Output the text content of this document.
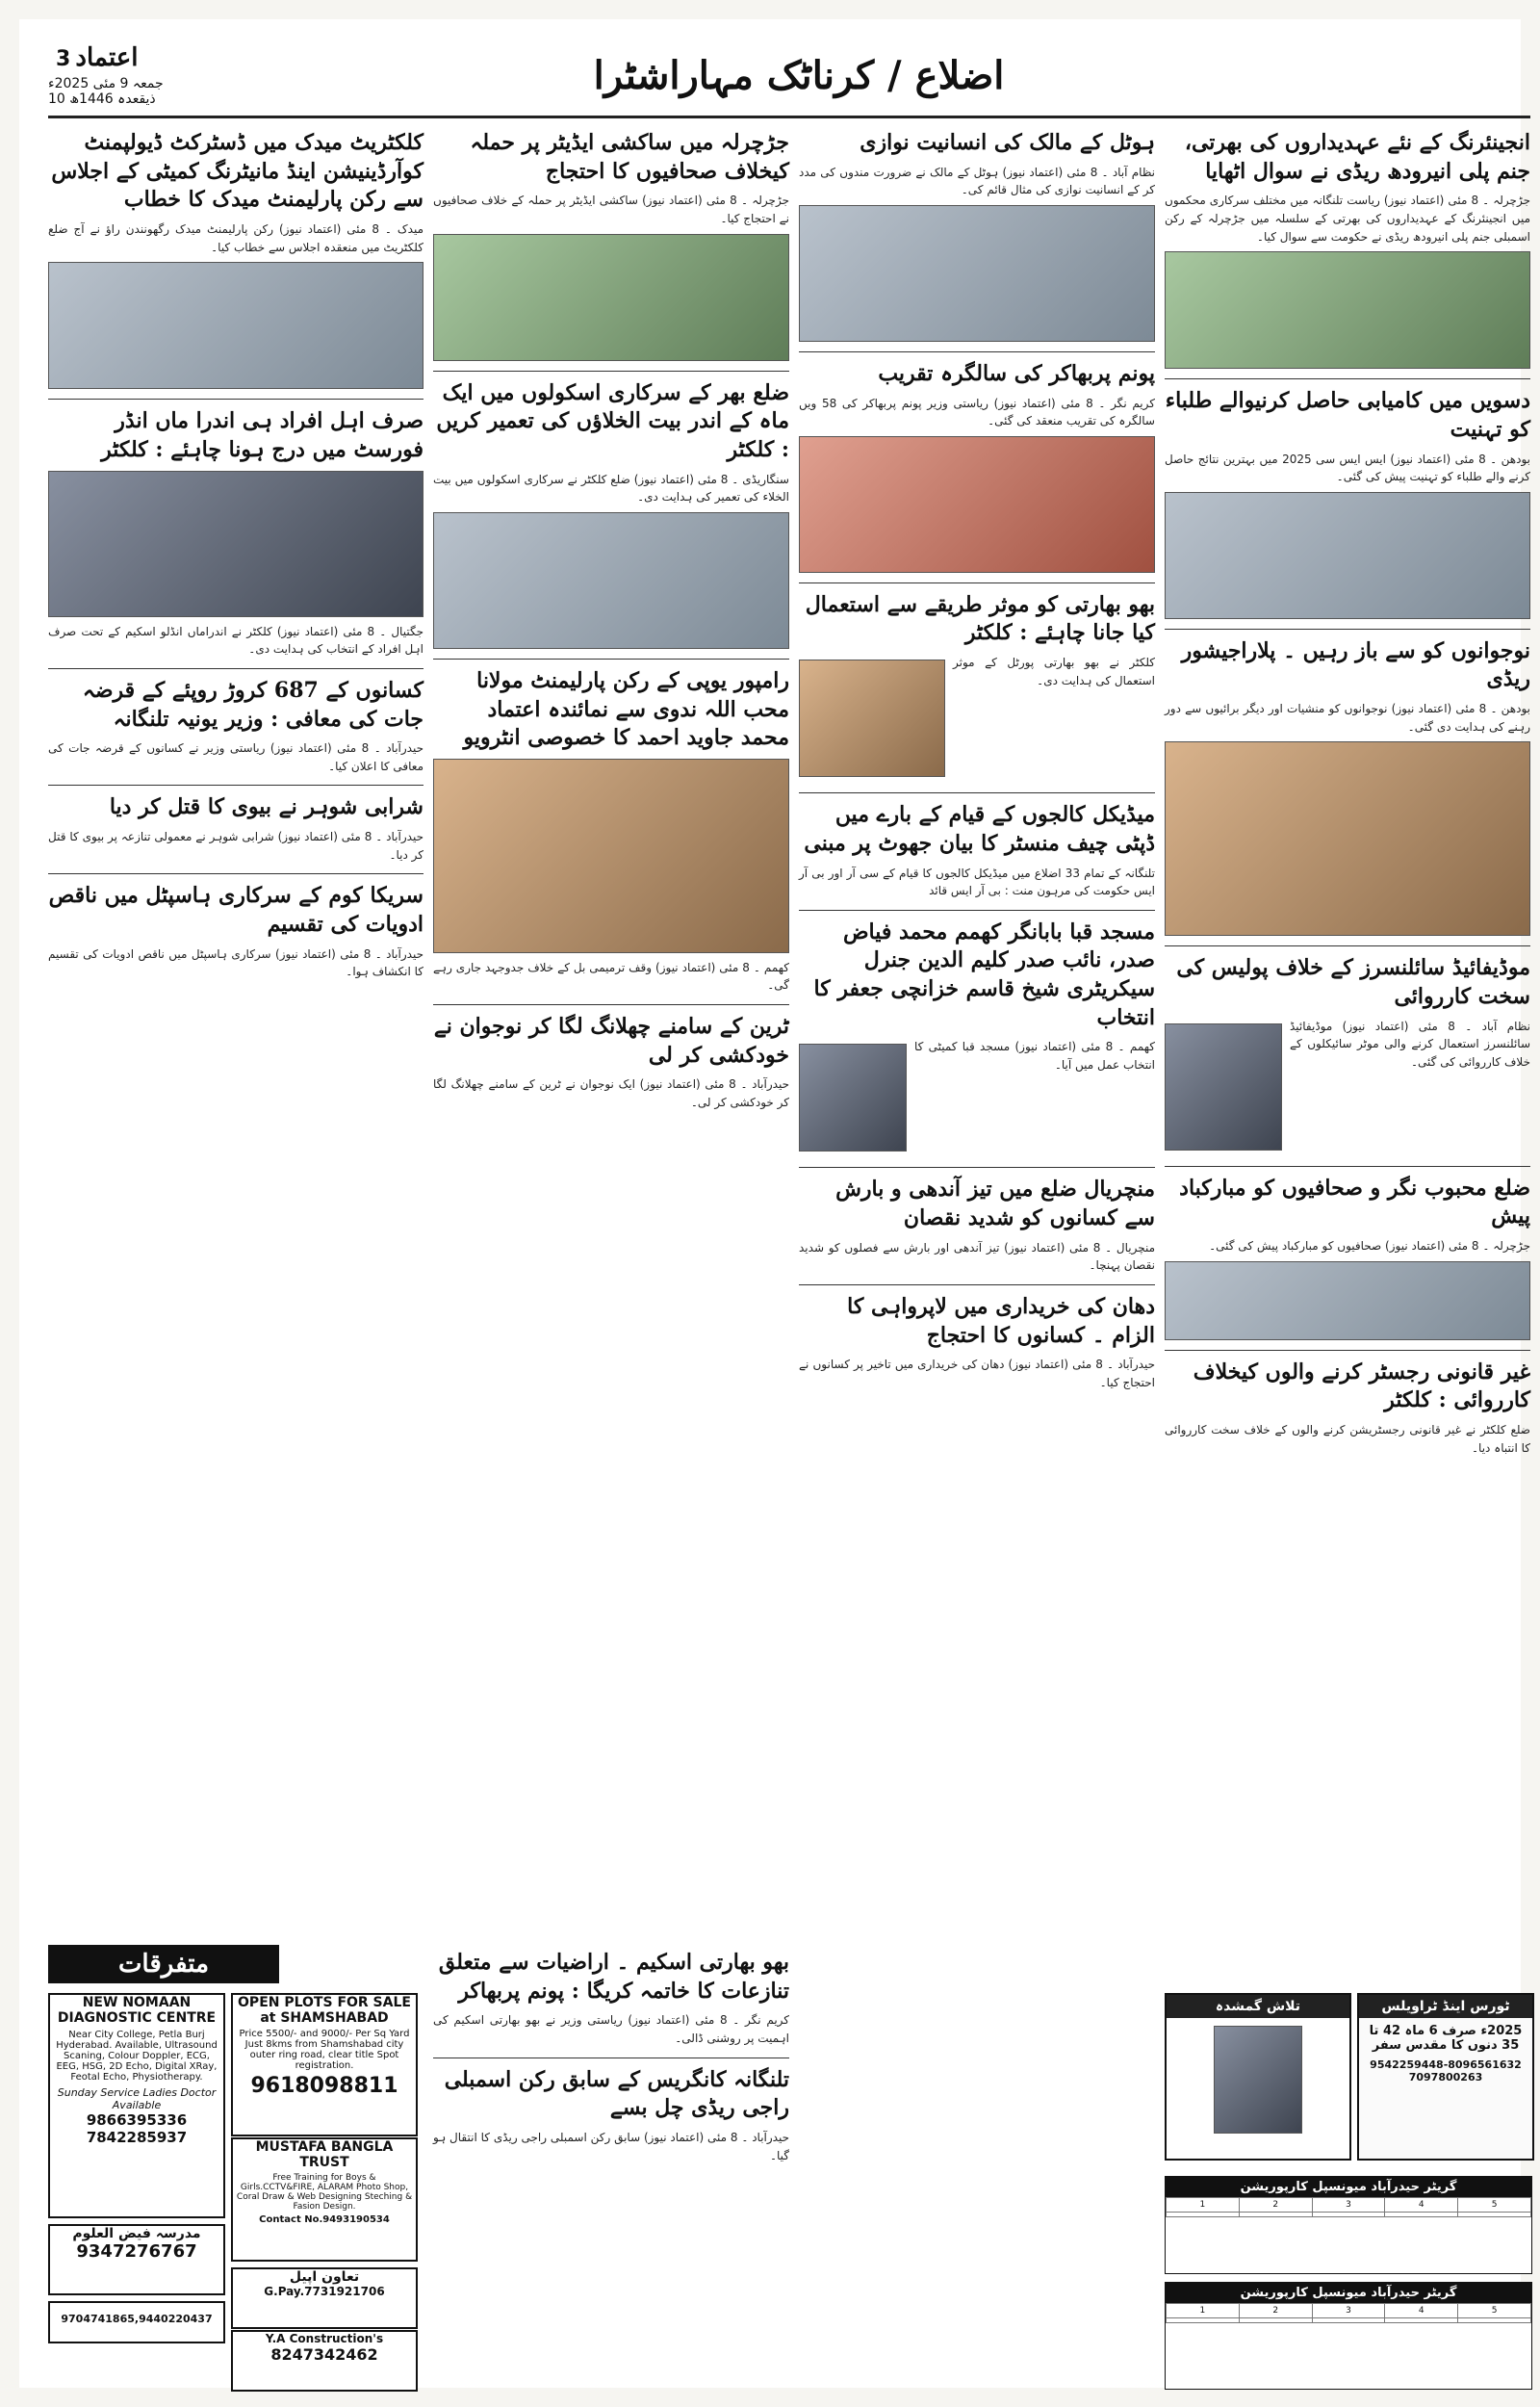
اعتماد 3
جمعہ 9 مئی 2025ء
10 ذیقعدہ 1446ھ
اضلاع / کرناٹک مہاراشٹرا
انجینئرنگ کے نئے عہدیداروں کی بھرتی، جنم پلی انیرودھ ریڈی نے سوال اٹھایا
جڑچرلہ ۔ 8 مئی (اعتماد نیوز) ریاست تلنگانہ میں مختلف سرکاری محکموں میں انجینئرنگ کے عہدیداروں کی بھرتی کے سلسلہ میں جڑچرلہ کے رکن اسمبلی جنم پلی انیرودھ ریڈی نے حکومت سے سوال کیا۔
دسویں میں کامیابی حاصل کرنیوالے طلباء کو تہنیت
بودھن ۔ 8 مئی (اعتماد نیوز) ایس ایس سی 2025 میں بہترین نتائج حاصل کرنے والے طلباء کو تہنیت پیش کی گئی۔
نوجوانوں کو سے باز رہیں ۔ پلاراجیشور ریڈی
بودھن ۔ 8 مئی (اعتماد نیوز) نوجوانوں کو منشیات اور دیگر برائیوں سے دور رہنے کی ہدایت دی گئی۔
موڈیفائیڈ سائلنسرز کے خلاف پولیس کی سخت کارروائی
نظام آباد ۔ 8 مئی (اعتماد نیوز) موڈیفائیڈ سائلنسرز استعمال کرنے والی موٹر سائیکلوں کے خلاف کارروائی کی گئی۔
ضلع محبوب نگر و صحافیوں کو مبارکباد پیش
جڑچرلہ ۔ 8 مئی (اعتماد نیوز) صحافیوں کو مبارکباد پیش کی گئی۔
غیر قانونی رجسٹر کرنے والوں کیخلاف کارروائی : کلکٹر
ضلع کلکٹر نے غیر قانونی رجسٹریشن کرنے والوں کے خلاف سخت کارروائی کا انتباہ دیا۔
ہوٹل کے مالک کی انسانیت نوازی
نظام آباد ۔ 8 مئی (اعتماد نیوز) ہوٹل کے مالک نے ضرورت مندوں کی مدد کر کے انسانیت نوازی کی مثال قائم کی۔
پونم پربھاکر کی سالگرہ تقریب
کریم نگر ۔ 8 مئی (اعتماد نیوز) ریاستی وزیر پونم پربھاکر کی 58 ویں سالگرہ کی تقریب منعقد کی گئی۔
بھو بھارتی کو موثر طریقے سے استعمال کیا جانا چاہئے : کلکٹر
کلکٹر نے بھو بھارتی پورٹل کے موثر استعمال کی ہدایت دی۔
میڈیکل کالجوں کے قیام کے بارے میں ڈپٹی چیف منسٹر کا بیان جھوٹ پر مبنی
تلنگانہ کے تمام 33 اضلاع میں میڈیکل کالجوں کا قیام کے سی آر اور بی آر ایس حکومت کی مرہون منت : بی آر ایس قائد
مسجد قبا بابانگر کھمم محمد فیاض صدر، نائب صدر کلیم الدین جنرل سیکریٹری شیخ قاسم خزانچی جعفر کا انتخاب
کھمم ۔ 8 مئی (اعتماد نیوز) مسجد قبا کمیٹی کا انتخاب عمل میں آیا۔
منچریال ضلع میں تیز آندھی و بارش سے کسانوں کو شدید نقصان
منچریال ۔ 8 مئی (اعتماد نیوز) تیز آندھی اور بارش سے فصلوں کو شدید نقصان پہنچا۔
دھان کی خریداری میں لاپرواہی کا الزام ۔ کسانوں کا احتجاج
حیدرآباد ۔ 8 مئی (اعتماد نیوز) دھان کی خریداری میں تاخیر پر کسانوں نے احتجاج کیا۔
جڑچرلہ میں ساکشی ایڈیٹر پر حملہ کیخلاف صحافیوں کا احتجاج
جڑچرلہ ۔ 8 مئی (اعتماد نیوز) ساکشی ایڈیٹر پر حملہ کے خلاف صحافیوں نے احتجاج کیا۔
ضلع بھر کے سرکاری اسکولوں میں ایک ماہ کے اندر بیت الخلاؤں کی تعمیر کریں : کلکٹر
سنگاریڈی ۔ 8 مئی (اعتماد نیوز) ضلع کلکٹر نے سرکاری اسکولوں میں بیت الخلاء کی تعمیر کی ہدایت دی۔
رامپور یوپی کے رکن پارلیمنٹ مولانا محب اللہ ندوی سے نمائندہ اعتماد محمد جاوید احمد کا خصوصی انٹرویو
کھمم ۔ 8 مئی (اعتماد نیوز) وقف ترمیمی بل کے خلاف جدوجہد جاری رہے گی۔
ٹرین کے سامنے چھلانگ لگا کر نوجوان نے خودکشی کر لی
حیدرآباد ۔ 8 مئی (اعتماد نیوز) ایک نوجوان نے ٹرین کے سامنے چھلانگ لگا کر خودکشی کر لی۔
بھو بھارتی اسکیم ۔ اراضیات سے متعلق تنازعات کا خاتمہ کریگا : پونم پربھاکر
کریم نگر ۔ 8 مئی (اعتماد نیوز) ریاستی وزیر نے بھو بھارتی اسکیم کی اہمیت پر روشنی ڈالی۔
تلنگانہ کانگریس کے سابق رکن اسمبلی راجی ریڈی چل بسے
حیدرآباد ۔ 8 مئی (اعتماد نیوز) سابق رکن اسمبلی راجی ریڈی کا انتقال ہو گیا۔
کلکٹریٹ میدک میں ڈسٹرکٹ ڈیولپمنٹ کوآرڈینیشن اینڈ مانیٹرنگ کمیٹی کے اجلاس سے رکن پارلیمنٹ میدک کا خطاب
میدک ۔ 8 مئی (اعتماد نیوز) رکن پارلیمنٹ میدک رگھونندن راؤ نے آج ضلع کلکٹریٹ میں منعقدہ اجلاس سے خطاب کیا۔
صرف اہل افراد ہی اندرا ماں انڈر فورسٹ میں درج ہونا چاہئے : کلکٹر
جگتیال ۔ 8 مئی (اعتماد نیوز) کلکٹر نے اندراماں انڈلو اسکیم کے تحت صرف اہل افراد کے انتخاب کی ہدایت دی۔
کسانوں کے 687 کروڑ روپئے کے قرضہ جات کی معافی : وزیر یونیہ تلنگانہ
حیدرآباد ۔ 8 مئی (اعتماد نیوز) ریاستی وزیر نے کسانوں کے قرضہ جات کی معافی کا اعلان کیا۔
شرابی شوہر نے بیوی کا قتل کر دیا
حیدرآباد ۔ 8 مئی (اعتماد نیوز) شرابی شوہر نے معمولی تنازعہ پر بیوی کا قتل کر دیا۔
سریکا کوم کے سرکاری ہاسپٹل میں ناقص ادویات کی تقسیم
حیدرآباد ۔ 8 مئی (اعتماد نیوز) سرکاری ہاسپٹل میں ناقص ادویات کی تقسیم کا انکشاف ہوا۔
متفرقات
NEW NOMAAN DIAGNOSTIC CENTRE
Near City College, Petla Burj Hyderabad. Available, Ultrasound Scaning, Colour Doppler, ECG, EEG, HSG, 2D Echo, Digital XRay, Feotal Echo, Physiotherapy.
Sunday Service Ladies Doctor Available
9866395336 7842285937
OPEN PLOTS FOR SALE at SHAMSHABAD
Price 5500/- and 9000/- Per Sq Yard Just 8kms from Shamshabad city outer ring road, clear title Spot registration.
9618098811
MUSTAFA BANGLA TRUST
Free Training for Boys & Girls.CCTV&FIRE, ALARAM Photo Shop, Coral Draw & Web Designing Steching & Fasion Design.
Contact No.9493190534
مدرسہ فیض العلوم
9347276767
تعاون اپیل
G.Pay.7731921706
9704741865,9440220437
Y.A Construction's
8247342462
ٹورس اینڈ ٹراویلس
2025ء صرف 6 ماہ 42 تا 35 دنوں کا مقدس سفر
9542259448-8096561632 7097800263
تلاش گمشدہ
گریٹر حیدرآباد میونسپل کارپوریشن
1	2	3	4	5

گریٹر حیدرآباد میونسپل کارپوریشن
1	2	3	4	5
